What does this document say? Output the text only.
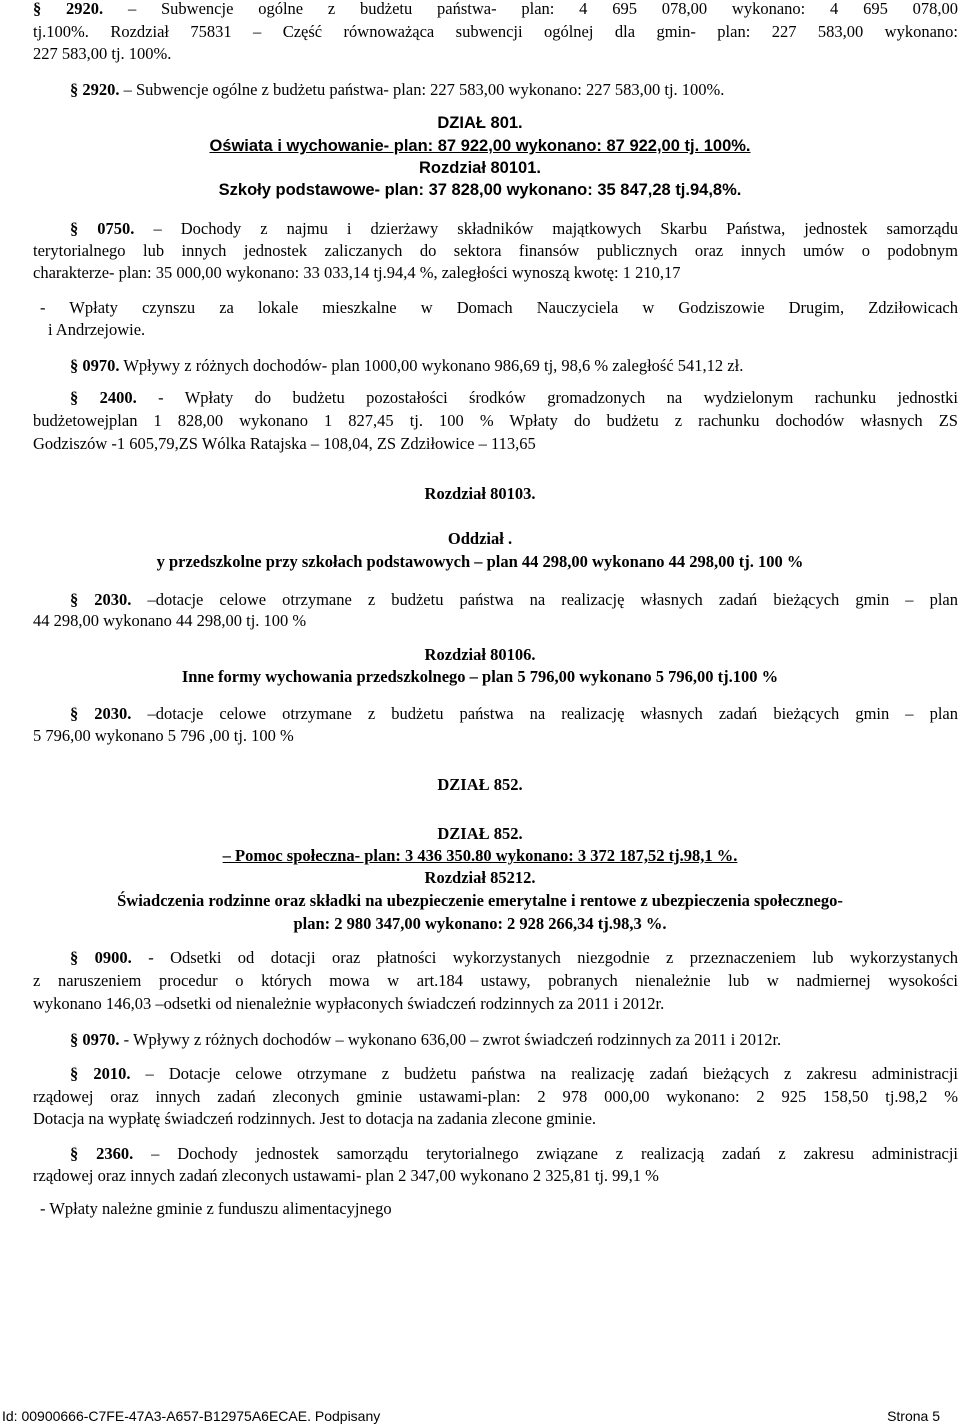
§ 2920. – Subwencje ogólne z budżetu państwa- plan: 4 695 078,00 wykonano: 4 695 078,00

tj.100%. Rozdział 75831 – Część równoważąca subwencji ogólnej dla gmin- plan: 227 583,00 wykonano:

227 583,00 tj. 100%.

§ 2920. – Subwencje ogólne z budżetu państwa- plan: 227 583,00 wykonano: 227 583,00 tj. 100%.

DZIAŁ 801.

Oświata i wychowanie- plan: 87 922,00 wykonano: 87 922,00 tj. 100%.

Rozdział 80101.

Szkoły podstawowe- plan: 37 828,00 wykonano: 35 847,28 tj.94,8%.

§ 0750. – Dochody z najmu i dzierżawy składników majątkowych Skarbu Państwa, jednostek samorządu

terytorialnego lub innych jednostek zaliczanych do sektora finansów publicznych oraz innych umów o podobnym

charakterze- plan: 35 000,00 wykonano: 33 033,14 tj.94,4 %, zaległości wynoszą kwotę: 1 210,17

- Wpłaty czynszu za lokale mieszkalne w Domach Nauczyciela w Godziszowie Drugim, Zdziłowicach

i Andrzejowie.

§ 0970. Wpływy z różnych dochodów- plan 1000,00 wykonano 986,69 tj, 98,6 % zaległość 541,12 zł.

§ 2400. - Wpłaty do budżetu pozostałości środków gromadzonych na wydzielonym rachunku jednostki

budżetowejplan 1 828,00 wykonano 1 827,45 tj. 100 % Wpłaty do budżetu z rachunku dochodów własnych ZS

Godziszów -1 605,79,ZS Wólka Ratajska – 108,04, ZS Zdziłowice – 113,65

Rozdział 80103.

Oddział .

y przedszkolne przy szkołach podstawowych – plan 44 298,00 wykonano 44 298,00 tj. 100 %

§ 2030. –dotacje celowe otrzymane z budżetu państwa na realizację własnych zadań bieżących gmin – plan

44 298,00 wykonano 44 298,00 tj. 100 %

Rozdział 80106.

Inne formy wychowania przedszkolnego – plan 5 796,00 wykonano 5 796,00 tj.100 %

§ 2030. –dotacje celowe otrzymane z budżetu państwa na realizację własnych zadań bieżących gmin – plan

5 796,00 wykonano 5 796 ,00 tj. 100 %

DZIAŁ 852.

DZIAŁ 852.

– Pomoc społeczna- plan: 3 436 350.80 wykonano: 3 372 187,52 tj.98,1 %.

Rozdział 85212.

Świadczenia rodzinne oraz składki na ubezpieczenie emerytalne i rentowe z ubezpieczenia społecznego-

plan: 2 980 347,00 wykonano: 2 928 266,34 tj.98,3 %.

§ 0900. - Odsetki od dotacji oraz płatności wykorzystanych niezgodnie z przeznaczeniem lub wykorzystanych

z naruszeniem procedur o których mowa w art.184 ustawy, pobranych nienależnie lub w nadmiernej wysokości

wykonano 146,03 –odsetki od nienależnie wypłaconych świadczeń rodzinnych za 2011 i 2012r.

§ 0970. - Wpływy z różnych dochodów – wykonano 636,00 – zwrot świadczeń rodzinnych za 2011 i 2012r.

§ 2010. – Dotacje celowe otrzymane z budżetu państwa na realizację zadań bieżących z zakresu administracji

rządowej oraz innych zadań zleconych gminie ustawami-plan: 2 978 000,00 wykonano: 2 925 158,50 tj.98,2 %

Dotacja na wypłatę świadczeń rodzinnych. Jest to dotacja na zadania zlecone gminie.

§ 2360. – Dochody jednostek samorządu terytorialnego związane z realizacją zadań z zakresu administracji

rządowej oraz innych zadań zleconych ustawami- plan 2 347,00 wykonano 2 325,81 tj. 99,1 %

- Wpłaty należne gminie z funduszu alimentacyjnego

Id: 00900666-C7FE-47A3-A657-B12975A6ECAE. Podpisany	Strona 5
